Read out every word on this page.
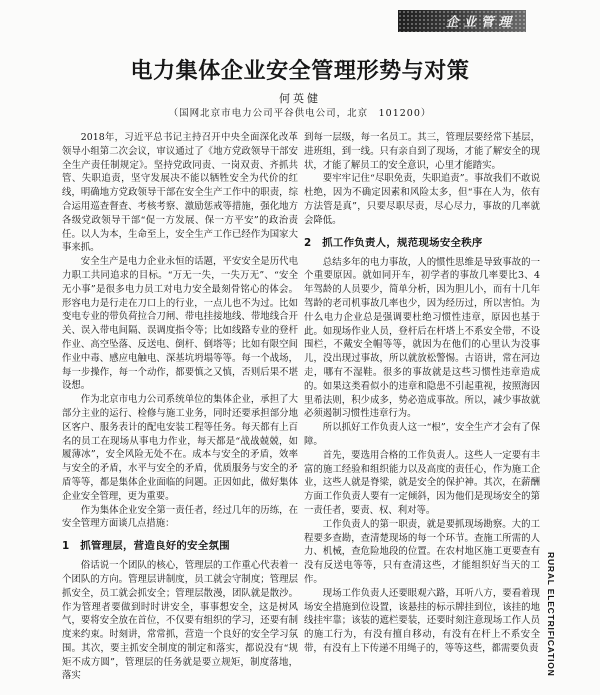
企业管理
电力集体企业安全管理形势与对策
何英健
（国网北京市电力公司平谷供电公司，北京　101200）

2018年，习近平总书记主持召开中央全面深化改革领导小组第二次会议，审议通过了《地方党政领导干部安全生产责任制规定》。坚持党政同责、一岗双责、齐抓共管、失职追责，坚守发展决不能以牺牲安全为代价的红线，明确地方党政领导干部在安全生产工作中的职责，综合运用巡查督查、考核考察、激励惩戒等措施，强化地方各级党政领导干部“促一方发展、保一方平安”的政治责任。以人为本，生命至上，安全生产工作已经作为国家大事来抓。

安全生产是电力企业永恒的话题，平安安全是历代电力职工共同追求的目标。“万无一失，一失万无”、“安全无小事”是很多电力员工对电力安全最刻骨铭心的体会。形容电力是行走在刀口上的行业，一点儿也不为过。比如变电专业的带负荷拉合刀闸、带电挂接地线、带地线合开关、误入带电间隔、误调度指令等；比如线路专业的登杆作业、高空坠落、反送电、倒杆、倒塔等；比如有限空间作业中毒、感应电触电、深基坑坍塌等等。每一个战场，每一步操作，每一个动作，都要慎之又慎，否则后果不堪设想。

作为北京市电力公司系统单位的集体企业，承担了大部分主业的运行、检修与施工业务，同时还要承担部分地区客户、服务表计的配电安装工程等任务。每天都有上百名的员工在现场从事电力作业，每天都是“战战兢兢，如履薄冰”，安全风险无处不在。成本与安全的矛盾，效率与安全的矛盾，水平与安全的矛盾，优质服务与安全的矛盾等等，都是集体企业面临的问题。正因如此，做好集体企业安全管理，更为重要。

作为集体企业安全第一责任者，经过几年的历练，在安全管理方面谈几点措施：

1　抓管理层，营造良好的安全氛围

俗话说一个团队的核心，管理层的工作重心代表着一个团队的方向。管理层讲制度，员工就会守制度；管理层抓安全，员工就会抓安全；管理层散漫，团队就是散沙。作为管理者要做到时时讲安全，事事想安全，这是树风气，要将安全放在首位，不仅要有组织的学习，还要有制度来约束。时刻讲，常常抓，营造一个良好的安全学习氛围。其次，要主抓安全制度的制定和落实，都说没有“规矩不成方圆”，管理层的任务就是要立规矩，制度落地，落实

到每一层级，每一名员工。其三，管理层要经常下基层，进班组，到一线。只有亲自到了现场，才能了解安全的现状，才能了解员工的安全意识，心里才能踏实。

要牢牢记住“尽职免责，失职追责”。事故我们不敢说杜绝，因为不确定因素和风险太多，但“事在人为，依有方法管是真”，只要尽职尽责，尽心尽力，事故的几率就会降低。

2　抓工作负责人，规范现场安全秩序

总结多年的电力事故，人的惯性思维是导致事故的一个重要原因。就如同开车，初学者的事故几率要比3、4年驾龄的人员要少，简单分析，因为胆儿小，而有十几年驾龄的老司机事故几率也少，因为经历过，所以害怕。为什么电力企业总是强调要杜绝习惯性违章，原因也基于此。如现场作业人员，登杆后在杆塔上不系安全带，不设围栏，不戴安全帽等等，就因为在他们的心里认为没事儿，没出现过事故，所以就放松警惕。古语讲，常在河边走，哪有不湿鞋。很多的事故就是这些习惯性违章造成的。如果这类看似小的违章和隐患不引起重视，按照海因里希法则，积少成多，势必造成事故。所以，减少事故就必须遏制习惯性违章行为。

所以抓好工作负责人这一“根”，安全生产才会有了保障。

首先，要选用合格的工作负责人。这些人一定要有丰富的施工经验和组织能力以及高度的责任心，作为施工企业，这些人就是脊梁，就是安全的保护神。其次，在薪酬方面工作负责人要有一定倾斜，因为他们是现场安全的第一责任者，要责、权、利对等。

工作负责人的第一职责，就是要抓现场勘察。大的工程要多查勘，查清楚现场的每一个环节。查施工所需的人力、机械，查危险地段的位置。在农村地区施工更要查有没有反送电等等，只有查清这些，才能组织好当天的工作。

现场工作负责人还要眼观六路，耳听八方，要看着现场安全措施到位设置，该悬挂的标示牌挂到位，该挂的地线挂牢靠；该装的遮栏要装，还要时刻注意现场工作人员的施工行为，有没有擅自移动，有没有在杆上不系安全带，有没有上下传递不用绳子的，等等这些，都需要负责 RURAL ELECTRIFICATION
